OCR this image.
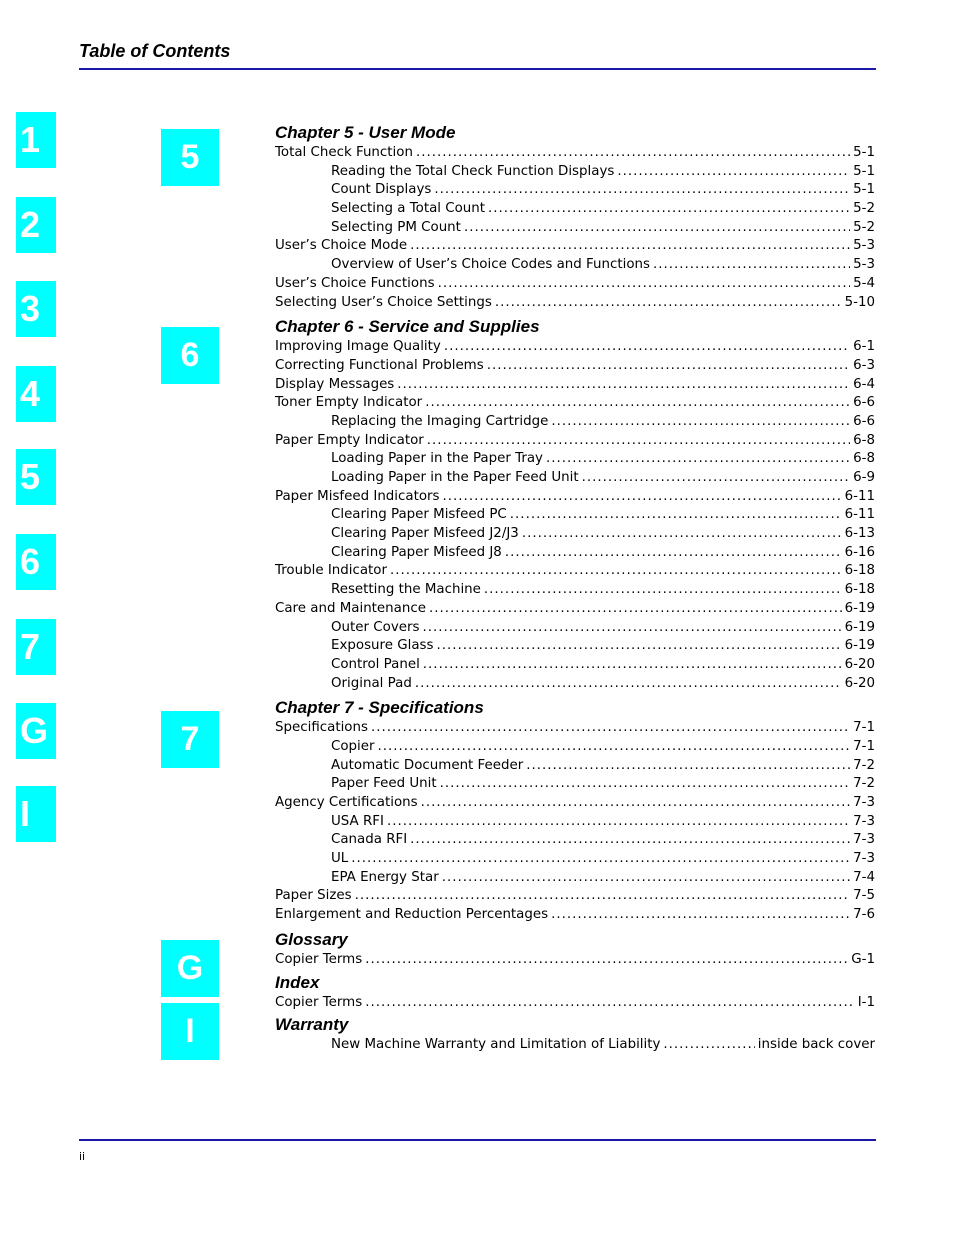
Table of Contents
1
2
3
4
5
6
7
G
I
5
6
7
G
I
Chapter 5 - User Mode
Total Check Function .....	5-1
Reading the Total Check Function Displays .....	5-1
Count Displays .....	5-1
Selecting a Total Count .....	5-2
Selecting PM Count .....	5-2
User’s Choice Mode .....	5-3
Overview of User’s Choice Codes and Functions .....	5-3
User’s Choice Functions .....	5-4
Selecting User’s Choice Settings .....	5-10
Chapter 6 - Service and Supplies
Improving Image Quality .....	6-1
Correcting Functional Problems .....	6-3
Display Messages .....	6-4
Toner Empty Indicator .....	6-6
Replacing the Imaging Cartridge .....	6-6
Paper Empty Indicator .....	6-8
Loading Paper in the Paper Tray .....	6-8
Loading Paper in the Paper Feed Unit .....	6-9
Paper Misfeed Indicators .....	6-11
Clearing Paper Misfeed PC .....	6-11
Clearing Paper Misfeed J2/J3 .....	6-13
Clearing Paper Misfeed J8 .....	6-16
Trouble Indicator .....	6-18
Resetting the Machine .....	6-18
Care and Maintenance .....	6-19
Outer Covers .....	6-19
Exposure Glass .....	6-19
Control Panel .....	6-20
Original Pad .....	6-20
Chapter 7 - Specifications
Specifications .....	7-1
Copier .....	7-1
Automatic Document Feeder .....	7-2
Paper Feed Unit .....	7-2
Agency Certifications .....	7-3
USA RFI .....	7-3
Canada RFI .....	7-3
UL .....	7-3
EPA Energy Star .....	7-4
Paper Sizes .....	7-5
Enlargement and Reduction Percentages .....	7-6
Glossary
Copier Terms .....	G-1
Index
Copier Terms .....	I-1
Warranty
New Machine Warranty and Limitation of Liability .....	inside back cover
ii
